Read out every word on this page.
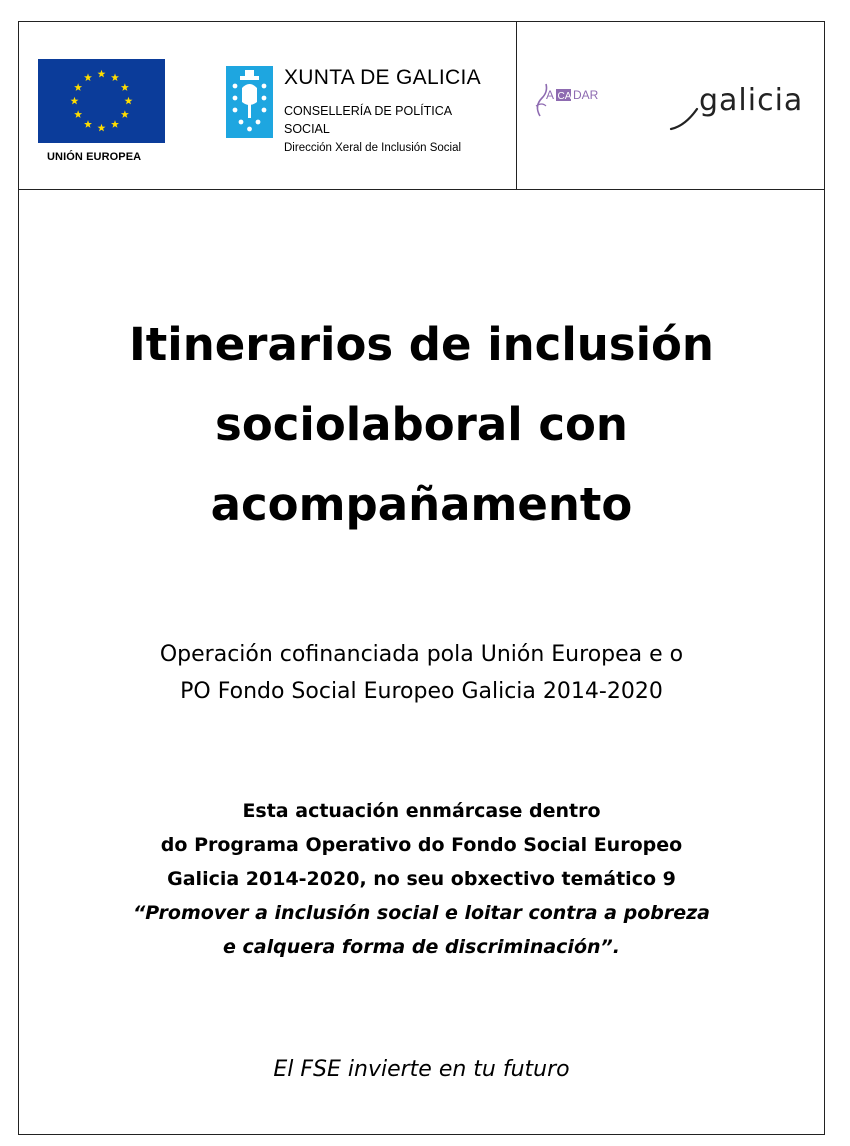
UNIÓN EUROPEA
XUNTA DE GALICIA
CONSELLERÍA DE POLÍTICA
SOCIAL
Dirección Xeral de Inclusión Social
A CA DAR	galicia
Itinerarios de inclusión
sociolaboral con
acompañamento
Operación cofinanciada pola Unión Europea e o
PO Fondo Social Europeo Galicia 2014-2020
Esta actuación enmárcase dentro
do Programa Operativo do Fondo Social Europeo
Galicia 2014-2020, no seu obxectivo temático 9
“Promover a inclusión social e loitar contra a pobreza
e calquera forma de discriminación”.
El FSE invierte en tu futuro
